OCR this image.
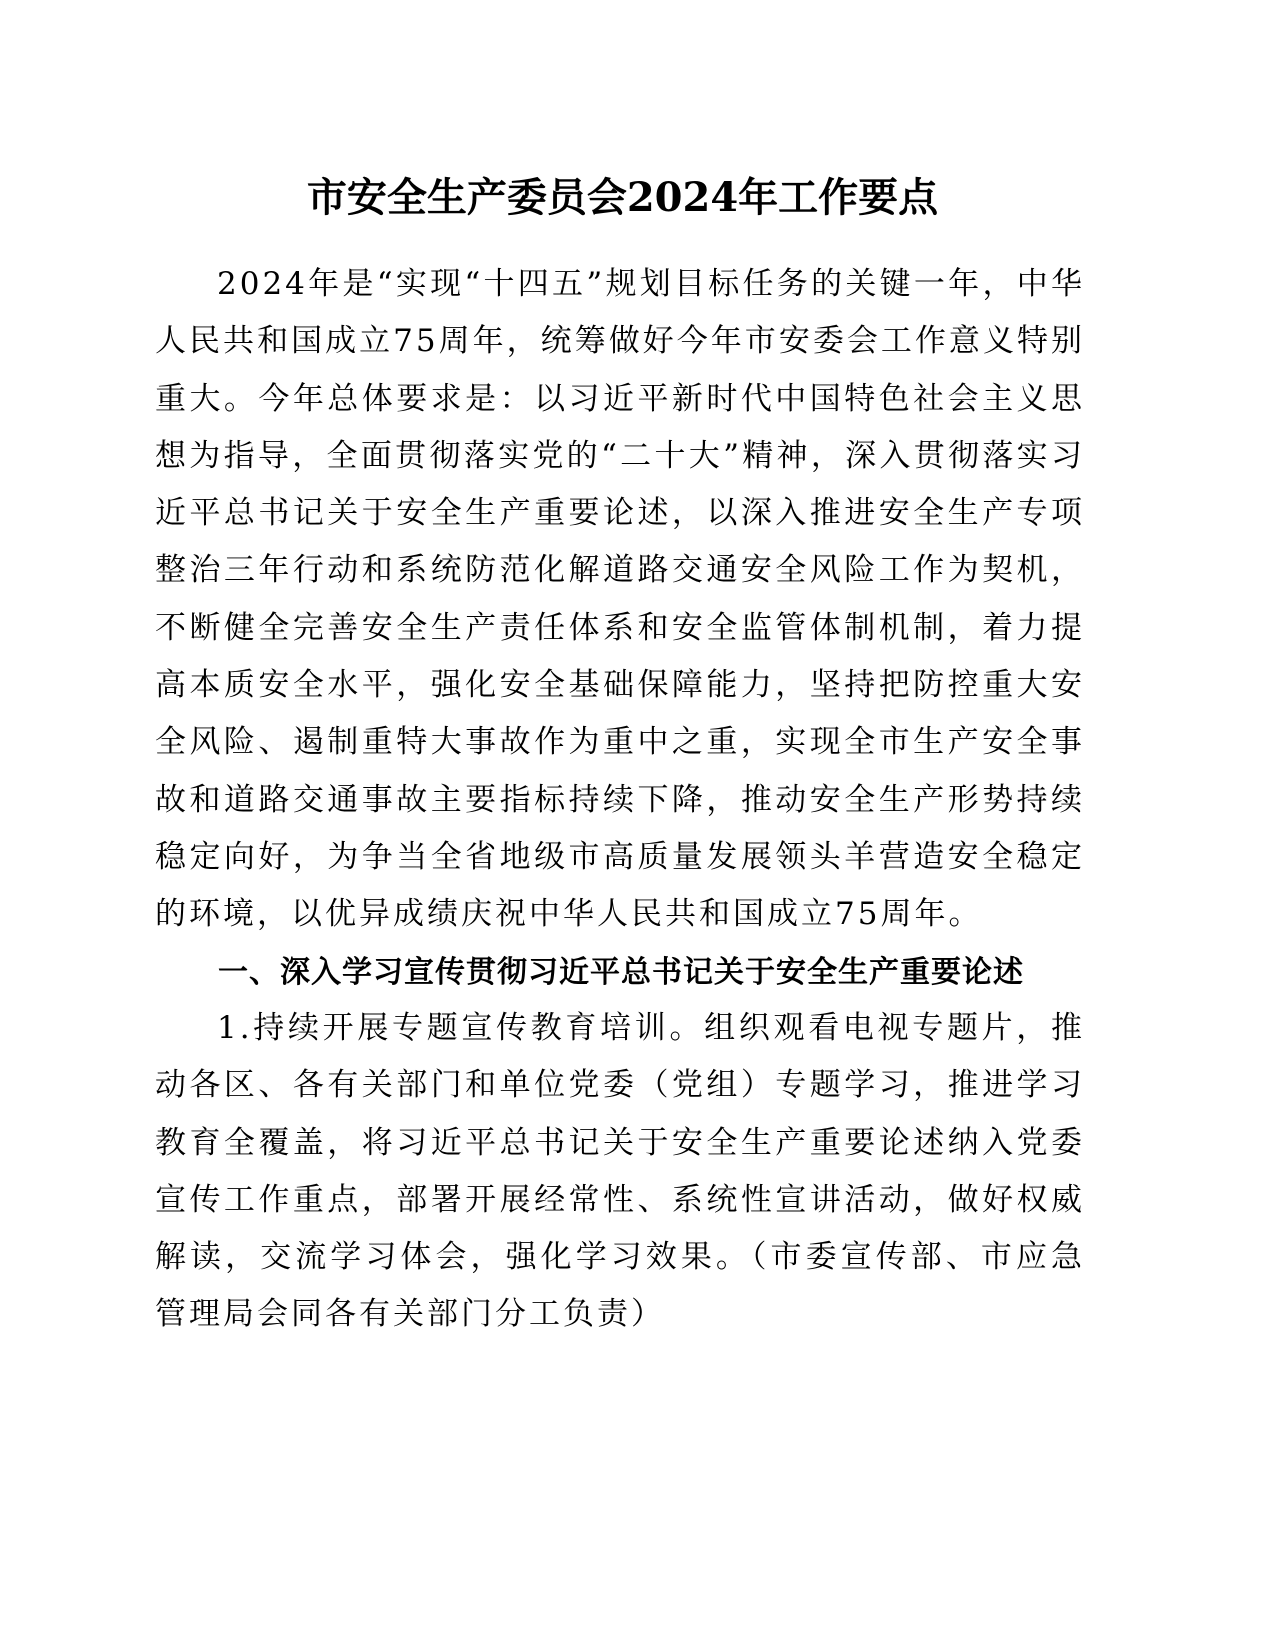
市安全生产委员会2024年工作要点
2024年是“实现“十四五”规划目标任务的关键一年，中华人民共和国成立75周年，统筹做好今年市安委会工作意义特别重大。今年总体要求是：以习近平新时代中国特色社会主义思想为指导，全面贯彻落实党的“二十大”精神，深入贯彻落实习近平总书记关于安全生产重要论述，以深入推进安全生产专项整治三年行动和系统防范化解道路交通安全风险工作为契机，不断健全完善安全生产责任体系和安全监管体制机制，着力提高本质安全水平，强化安全基础保障能力，坚持把防控重大安全风险、遏制重特大事故作为重中之重，实现全市生产安全事故和道路交通事故主要指标持续下降，推动安全生产形势持续稳定向好，为争当全省地级市高质量发展领头羊营造安全稳定的环境，以优异成绩庆祝中华人民共和国成立75周年。
一、深入学习宣传贯彻习近平总书记关于安全生产重要论述
1.持续开展专题宣传教育培训。组织观看电视专题片，推动各区、各有关部门和单位党委（党组）专题学习，推进学习教育全覆盖，将习近平总书记关于安全生产重要论述纳入党委宣传工作重点，部署开展经常性、系统性宣讲活动，做好权威解读，交流学习体会，强化学习效果。（市委宣传部、市应急管理局会同各有关部门分工负责）
